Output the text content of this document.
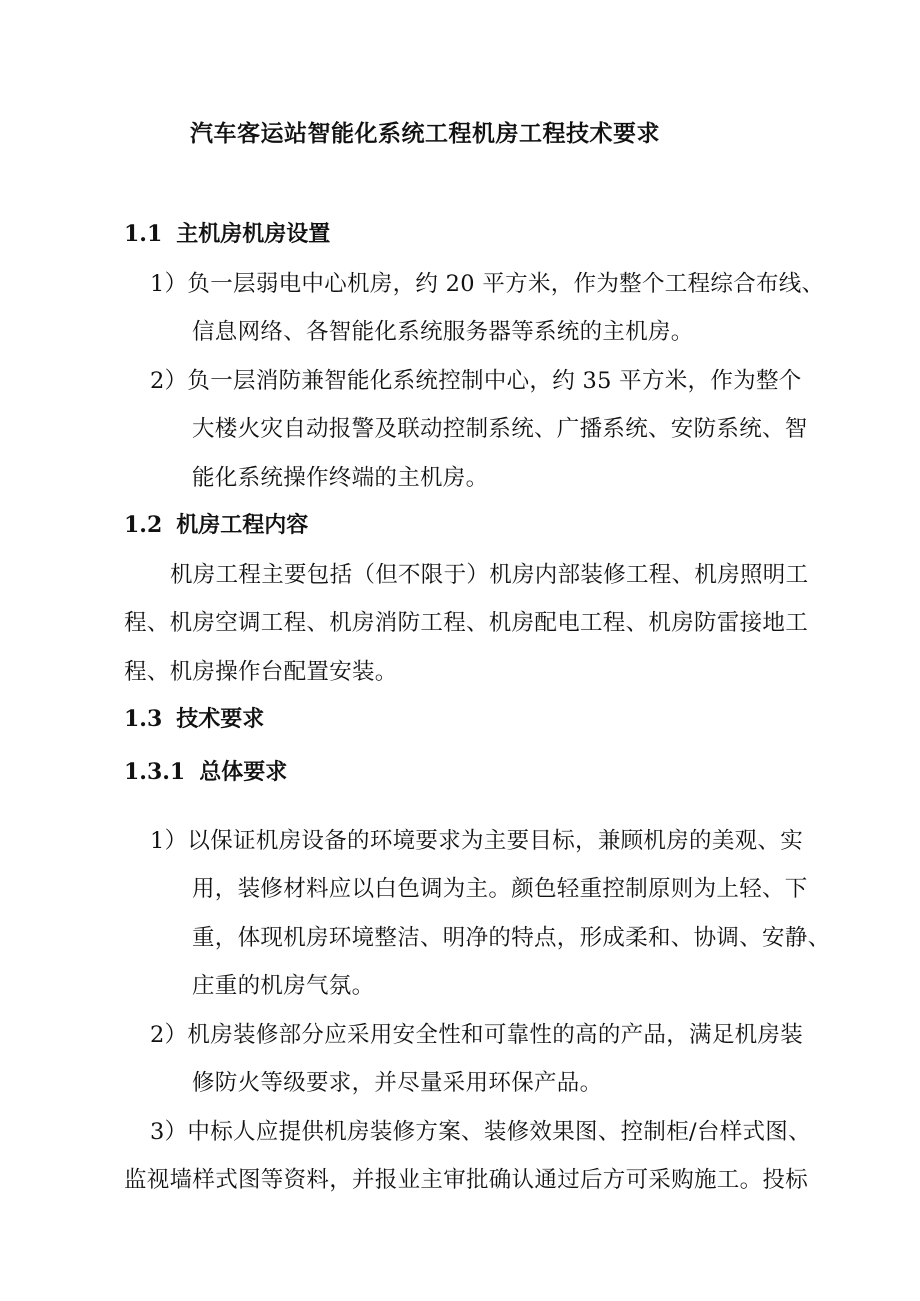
汽车客运站智能化系统工程机房工程技术要求
1.1 主机房机房设置
1）负一层弱电中心机房，约 20 平方米，作为整个工程综合布线、
信息网络、各智能化系统服务器等系统的主机房。
2）负一层消防兼智能化系统控制中心，约 35 平方米，作为整个
大楼火灾自动报警及联动控制系统、广播系统、安防系统、智
能化系统操作终端的主机房。
1.2 机房工程内容
机房工程主要包括（但不限于）机房内部装修工程、机房照明工
程、机房空调工程、机房消防工程、机房配电工程、机房防雷接地工
程、机房操作台配置安装。
1.3 技术要求
1.3.1 总体要求
1）以保证机房设备的环境要求为主要目标，兼顾机房的美观、实
用，装修材料应以白色调为主。颜色轻重控制原则为上轻、下
重，体现机房环境整洁、明净的特点，形成柔和、协调、安静、
庄重的机房气氛。
2）机房装修部分应采用安全性和可靠性的高的产品，满足机房装
修防火等级要求，并尽量采用环保产品。
3）中标人应提供机房装修方案、装修效果图、控制柜/台样式图、
监视墙样式图等资料，并报业主审批确认通过后方可采购施工。投标
